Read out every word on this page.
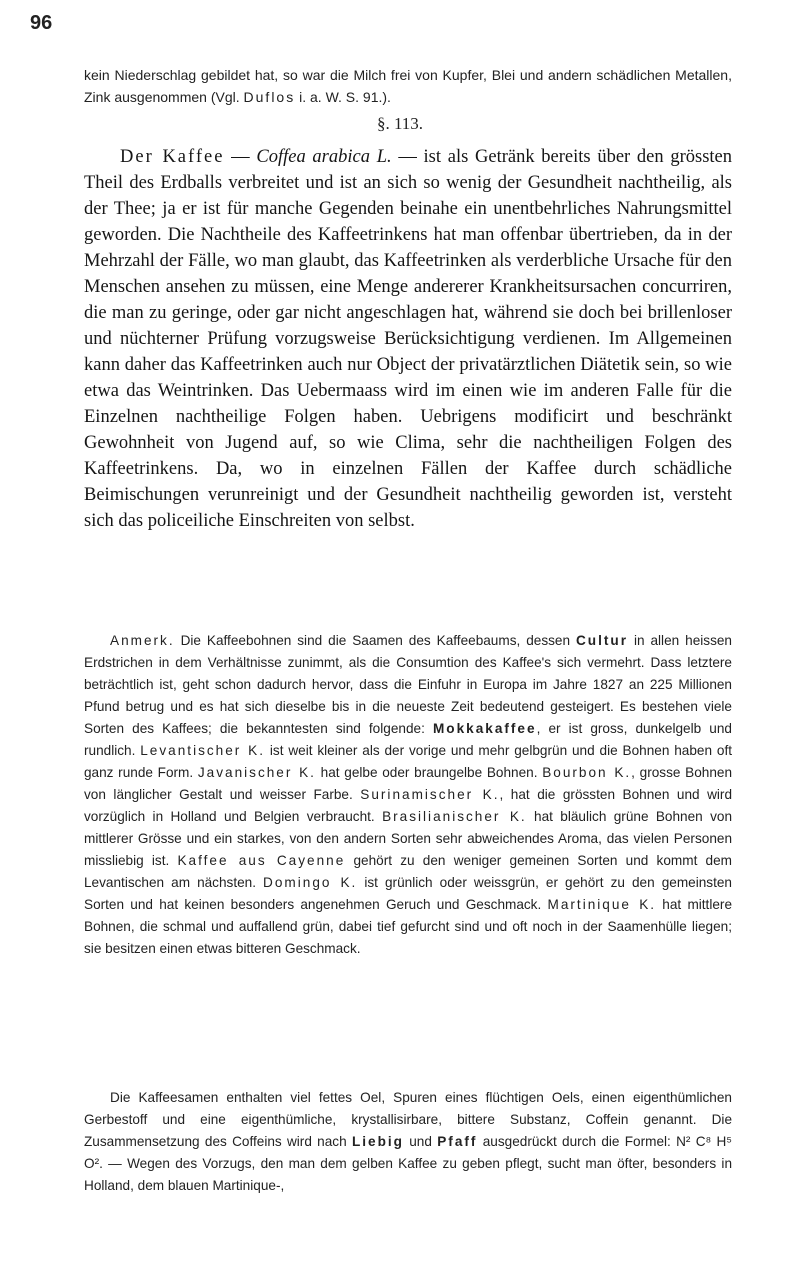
96

kein Niederschlag gebildet hat, so war die Milch frei von Kupfer, Blei und andern schädlichen Metallen, Zink ausgenommen (Vgl. Duflos i. a. W. S. 91.).

§. 113.

Der Kaffee — Coffea arabica L. — ist als Getränk bereits über den grössten Theil des Erdballs verbreitet und ist an sich so wenig der Gesundheit nachtheilig, als der Thee; ja er ist für manche Gegenden beinahe ein unentbehrliches Nahrungsmittel geworden. Die Nachtheile des Kaffeetrinkens hat man offenbar übertrieben, da in der Mehrzahl der Fälle, wo man glaubt, das Kaffeetrinken als verderbliche Ursache für den Menschen ansehen zu müssen, eine Menge andererer Krankheitsursachen concurriren, die man zu geringe, oder gar nicht angeschlagen hat, während sie doch bei brillenloser und nüchterner Prüfung vorzugsweise Berücksichtigung verdienen. Im Allgemeinen kann daher das Kaffeetrinken auch nur Object der privatärztlichen Diätetik sein, so wie etwa das Weintrinken. Das Uebermaass wird im einen wie im anderen Falle für die Einzelnen nachtheilige Folgen haben. Uebrigens modificirt und beschränkt Gewohnheit von Jugend auf, so wie Clima, sehr die nachtheiligen Folgen des Kaffeetrinkens. Da, wo in einzelnen Fällen der Kaffee durch schädliche Beimischungen verunreinigt und der Gesundheit nachtheilig geworden ist, versteht sich das policeiliche Einschreiten von selbst.

Anmerk. Die Kaffeebohnen sind die Saamen des Kaffeebaums, dessen Cultur in allen heissen Erdstrichen in dem Verhältnisse zunimmt, als die Consumtion des Kaffee's sich vermehrt. Dass letztere beträchtlich ist, geht schon dadurch hervor, dass die Einfuhr in Europa im Jahre 1827 an 225 Millionen Pfund betrug und es hat sich dieselbe bis in die neueste Zeit bedeutend gesteigert. Es bestehen viele Sorten des Kaffees; die bekanntesten sind folgende: Mokkakaffee, er ist gross, dunkelgelb und rundlich. Levantischer K. ist weit kleiner als der vorige und mehr gelbgrün und die Bohnen haben oft ganz runde Form. Javanischer K. hat gelbe oder braungelbe Bohnen. Bourbon K., grosse Bohnen von länglicher Gestalt und weisser Farbe. Surinamischer K., hat die grössten Bohnen und wird vorzüglich in Holland und Belgien verbraucht. Brasilianischer K. hat bläulich grüne Bohnen von mittlerer Grösse und ein starkes, von den andern Sorten sehr abweichendes Aroma, das vielen Personen missliebig ist. Kaffee aus Cayenne gehört zu den weniger gemeinen Sorten und kommt dem Levantischen am nächsten. Domingo K. ist grünlich oder weissgrün, er gehört zu den gemeinsten Sorten und hat keinen besonders angenehmen Geruch und Geschmack. Martinique K. hat mittlere Bohnen, die schmal und auffallend grün, dabei tief gefurcht sind und oft noch in der Saamenhülle liegen; sie besitzen einen etwas bitteren Geschmack.

Die Kaffeesamen enthalten viel fettes Oel, Spuren eines flüchtigen Oels, einen eigenthümlichen Gerbestoff und eine eigenthümliche, krystallisirbare, bittere Substanz, Coffein genannt. Die Zusammensetzung des Coffeins wird nach Liebig und Pfaff ausgedrückt durch die Formel: N² C⁸ H⁵ O². — Wegen des Vorzugs, den man dem gelben Kaffee zu geben pflegt, sucht man öfter, besonders in Holland, dem blauen Martinique-,
